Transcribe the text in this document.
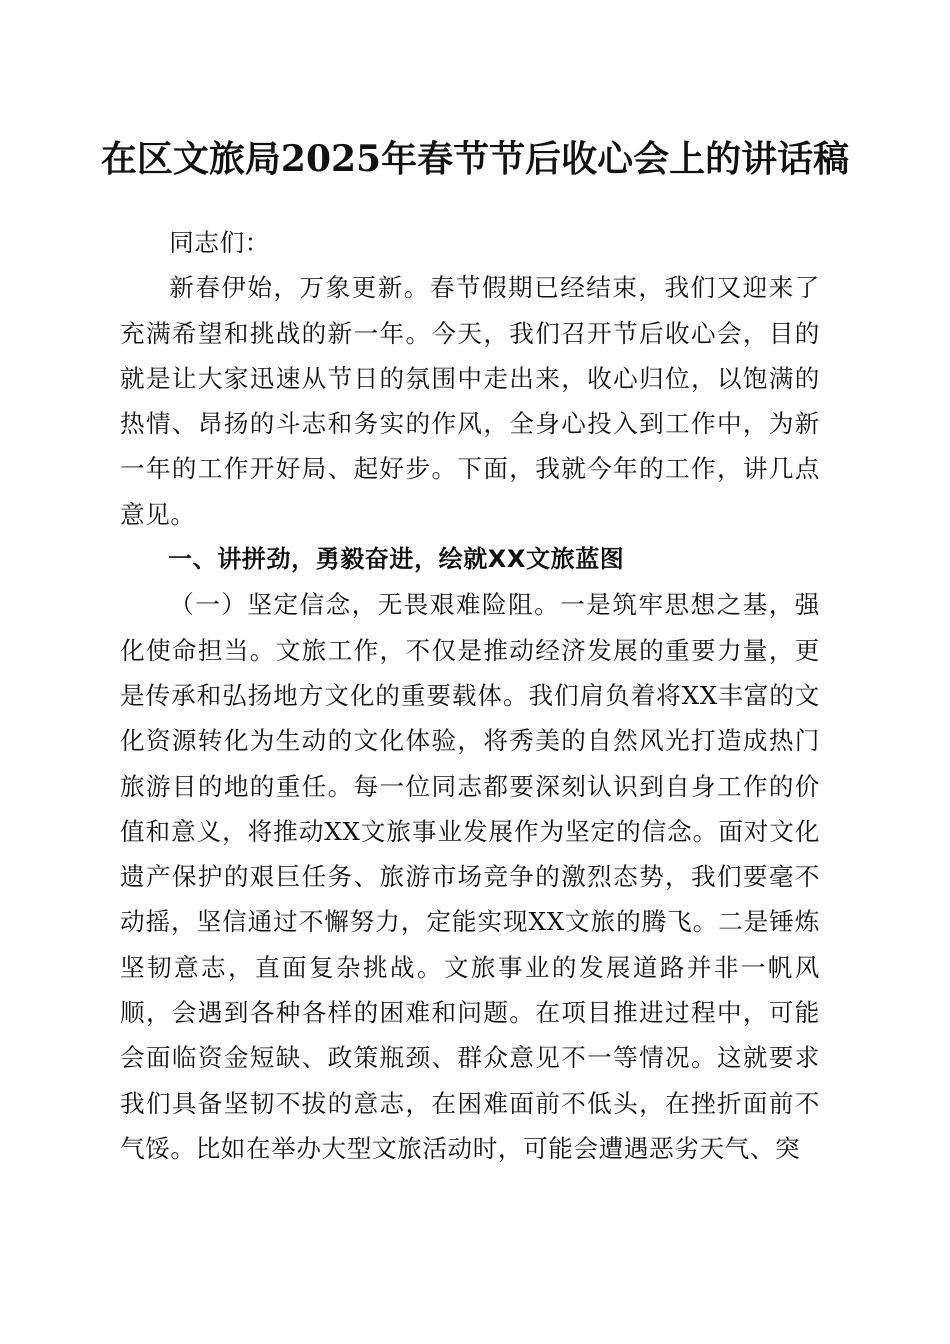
在区文旅局2025年春节节后收心会上的讲话稿

同志们：

新春伊始，万象更新。春节假期已经结束，我们又迎来了充满希望和挑战的新一年。今天，我们召开节后收心会，目的就是让大家迅速从节日的氛围中走出来，收心归位，以饱满的热情、昂扬的斗志和务实的作风，全身心投入到工作中，为新一年的工作开好局、起好步。下面，我就今年的工作，讲几点意见。

一、讲拼劲，勇毅奋进，绘就XX文旅蓝图

（一）坚定信念，无畏艰难险阻。一是筑牢思想之基，强化使命担当。文旅工作，不仅是推动经济发展的重要力量，更是传承和弘扬地方文化的重要载体。我们肩负着将XX丰富的文化资源转化为生动的文化体验，将秀美的自然风光打造成热门旅游目的地的重任。每一位同志都要深刻认识到自身工作的价值和意义，将推动XX文旅事业发展作为坚定的信念。面对文化遗产保护的艰巨任务、旅游市场竞争的激烈态势，我们要毫不动摇，坚信通过不懈努力，定能实现XX文旅的腾飞。二是锤炼坚韧意志，直面复杂挑战。文旅事业的发展道路并非一帆风顺，会遇到各种各样的困难和问题。在项目推进过程中，可能会面临资金短缺、政策瓶颈、群众意见不一等情况。这就要求我们具备坚韧不拔的意志，在困难面前不低头，在挫折面前不气馁。比如在举办大型文旅活动时，可能会遭遇恶劣天气、突
